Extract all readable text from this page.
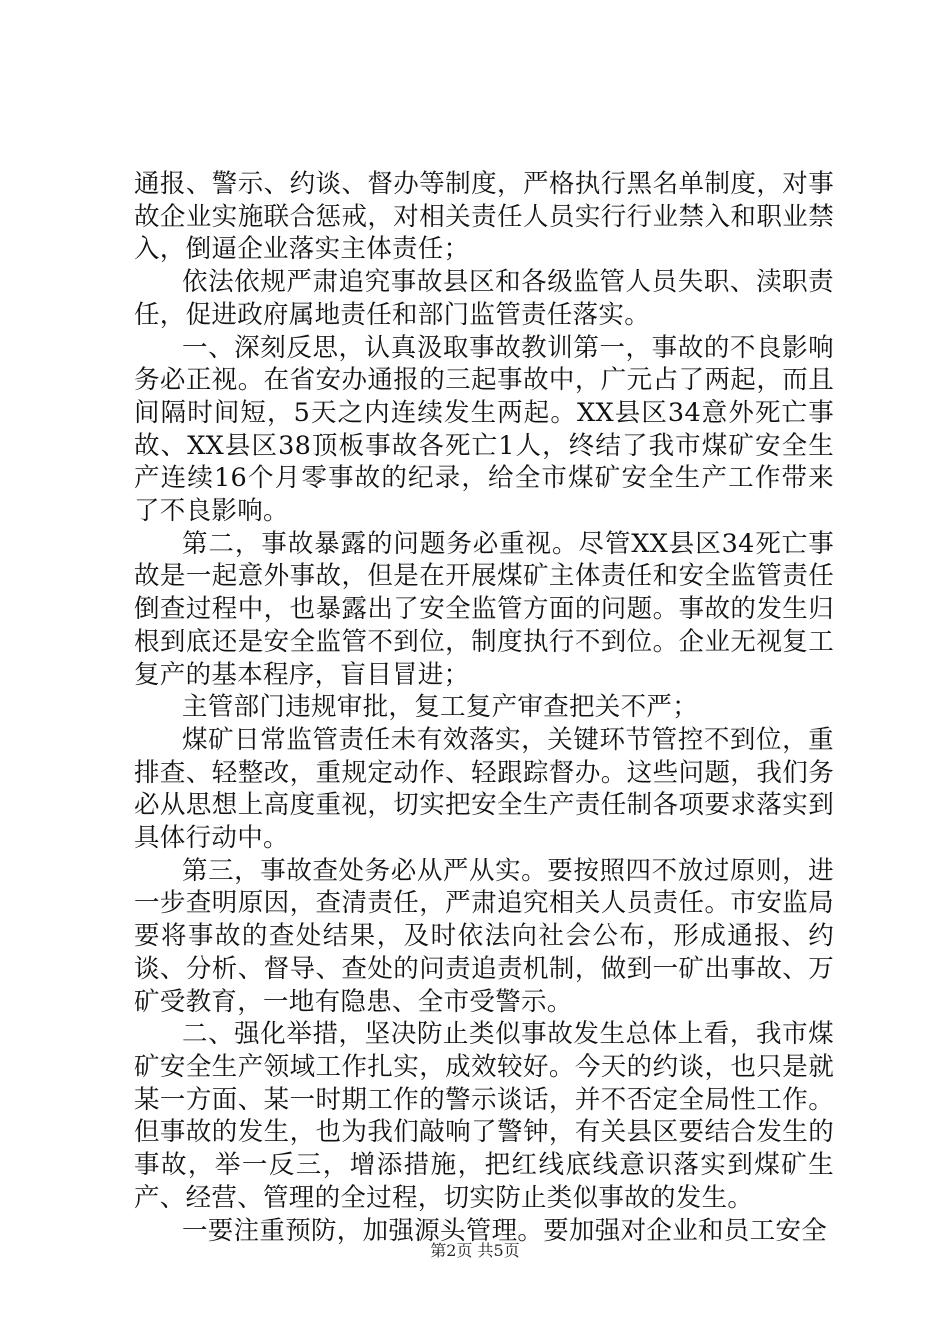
通报、警示、约谈、督办等制度，严格执行黑名单制度，对事故企业实施联合惩戒，对相关责任人员实行行业禁入和职业禁入，倒逼企业落实主体责任；

依法依规严肃追究事故县区和各级监管人员失职、渎职责任，促进政府属地责任和部门监管责任落实。

一、深刻反思，认真汲取事故教训第一，事故的不良影响务必正视。在省安办通报的三起事故中，广元占了两起，而且间隔时间短，5天之内连续发生两起。XX县区34意外死亡事故、XX县区38顶板事故各死亡1人，终结了我市煤矿安全生产连续16个月零事故的纪录，给全市煤矿安全生产工作带来了不良影响。

第二，事故暴露的问题务必重视。尽管XX县区34死亡事故是一起意外事故，但是在开展煤矿主体责任和安全监管责任倒查过程中，也暴露出了安全监管方面的问题。事故的发生归根到底还是安全监管不到位，制度执行不到位。企业无视复工复产的基本程序，盲目冒进；

主管部门违规审批，复工复产审查把关不严；

煤矿日常监管责任未有效落实，关键环节管控不到位，重排查、轻整改，重规定动作、轻跟踪督办。这些问题，我们务必从思想上高度重视，切实把安全生产责任制各项要求落实到具体行动中。

第三，事故查处务必从严从实。要按照四不放过原则，进一步查明原因，查清责任，严肃追究相关人员责任。市安监局要将事故的查处结果，及时依法向社会公布，形成通报、约谈、分析、督导、查处的问责追责机制，做到一矿出事故、万矿受教育，一地有隐患、全市受警示。

二、强化举措，坚决防止类似事故发生总体上看，我市煤矿安全生产领域工作扎实，成效较好。今天的约谈，也只是就某一方面、某一时期工作的警示谈话，并不否定全局性工作。但事故的发生，也为我们敲响了警钟，有关县区要结合发生的事故，举一反三，增添措施，把红线底线意识落实到煤矿生产、经营、管理的全过程，切实防止类似事故的发生。

一要注重预防，加强源头管理。要加强对企业和员工安全

第2页 共5页
